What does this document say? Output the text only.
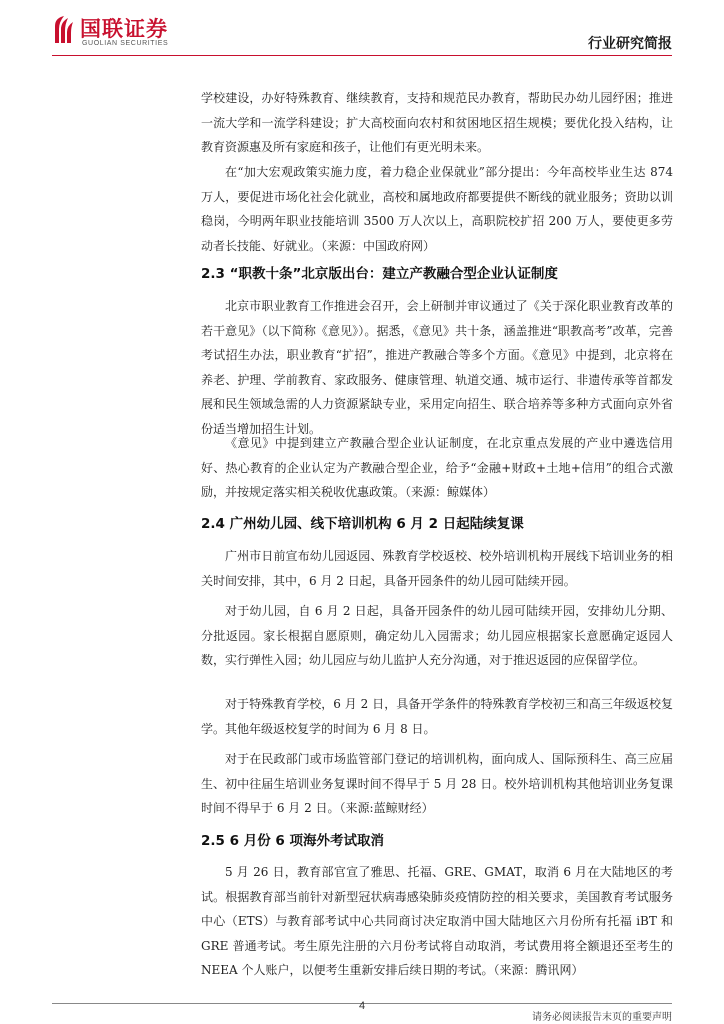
国联证券
GUOLIAN SECURITIES	行业研究简报

学校建设，办好特殊教育、继续教育，支持和规范民办教育，帮助民办幼儿园纾困；推进一流大学和一流学科建设；扩大高校面向农村和贫困地区招生规模；要优化投入结构，让教育资源惠及所有家庭和孩子，让他们有更光明未来。

在“加大宏观政策实施力度，着力稳企业保就业”部分提出：今年高校毕业生达 874 万人，要促进市场化社会化就业，高校和属地政府都要提供不断线的就业服务；资助以训稳岗，今明两年职业技能培训 3500 万人次以上，高职院校扩招 200 万人，要使更多劳动者长技能、好就业。（来源：中国政府网）

2.3 “职教十条”北京版出台：建立产教融合型企业认证制度

北京市职业教育工作推进会召开，会上研制并审议通过了《关于深化职业教育改革的若干意见》（以下简称《意见》）。据悉，《意见》共十条，涵盖推进“职教高考”改革，完善考试招生办法，职业教育“扩招”，推进产教融合等多个方面。《意见》中提到，北京将在养老、护理、学前教育、家政服务、健康管理、轨道交通、城市运行、非遗传承等首都发展和民生领域急需的人力资源紧缺专业，采用定向招生、联合培养等多种方式面向京外省份适当增加招生计划。

《意见》中提到建立产教融合型企业认证制度，在北京重点发展的产业中遴选信用好、热心教育的企业认定为产教融合型企业，给予“金融+财政+土地+信用”的组合式激励，并按规定落实相关税收优惠政策。（来源：鲸媒体）

2.4 广州幼儿园、线下培训机构 6 月 2 日起陆续复课

广州市日前宣布幼儿园返园、殊教育学校返校、校外培训机构开展线下培训业务的相关时间安排，其中，6 月 2 日起，具备开园条件的幼儿园可陆续开园。

对于幼儿园，自 6 月 2 日起，具备开园条件的幼儿园可陆续开园，安排幼儿分期、分批返园。家长根据自愿原则，确定幼儿入园需求；幼儿园应根据家长意愿确定返园人数，实行弹性入园；幼儿园应与幼儿监护人充分沟通，对于推迟返园的应保留学位。

对于特殊教育学校，6 月 2 日，具备开学条件的特殊教育学校初三和高三年级返校复学。其他年级返校复学的时间为 6 月 8 日。

对于在民政部门或市场监管部门登记的培训机构，面向成人、国际预科生、高三应届生、初中往届生培训业务复课时间不得早于 5 月 28 日。校外培训机构其他培训业务复课时间不得早于 6 月 2 日。（来源:蓝鲸财经）

2.5 6 月份 6 项海外考试取消

5 月 26 日，教育部官宣了雅思、托福、GRE、GMAT，取消 6 月在大陆地区的考试。根据教育部当前针对新型冠状病毒感染肺炎疫情防控的相关要求，美国教育考试服务中心（ETS）与教育部考试中心共同商讨决定取消中国大陆地区六月份所有托福 iBT 和 GRE 普通考试。考生原先注册的六月份考试将自动取消，考试费用将全额退还至考生的 NEEA 个人账户，以便考生重新安排后续日期的考试。（来源：腾讯网）

4
请务必阅读报告末页的重要声明
